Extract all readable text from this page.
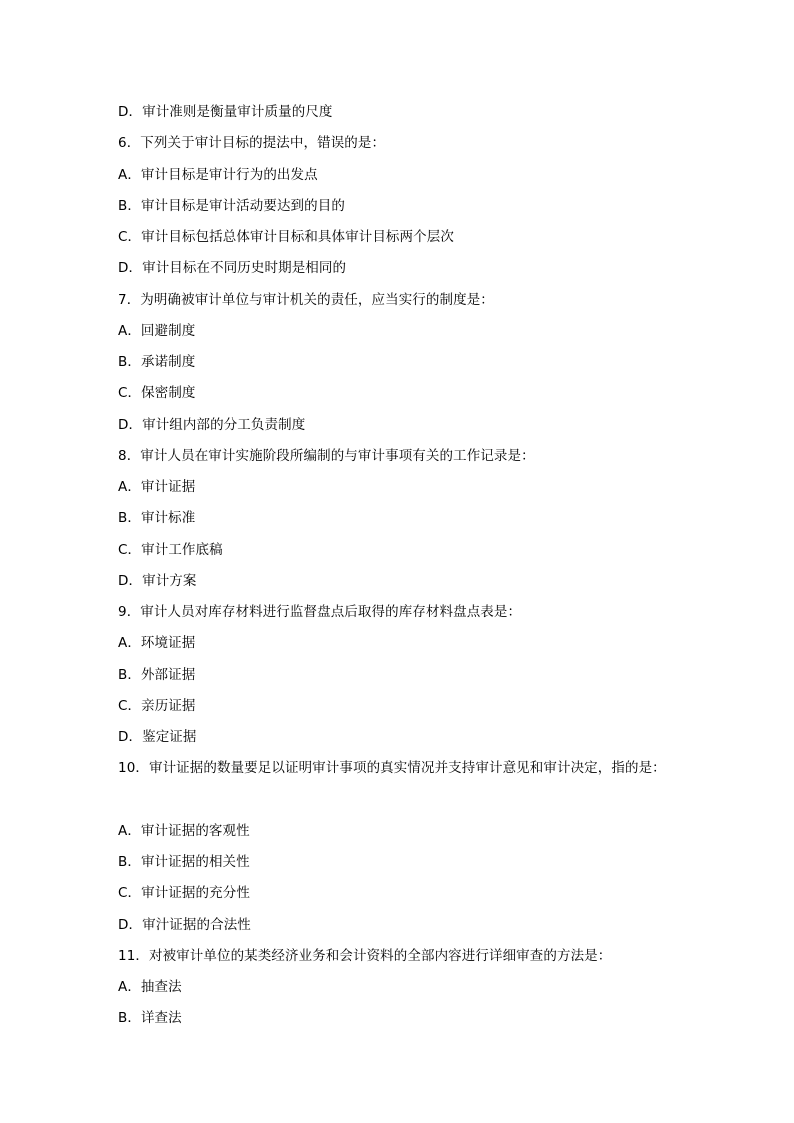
D．审计准则是衡量审计质量的尺度
6．下列关于审计目标的提法中，错误的是：
A．审计目标是审计行为的出发点
B．审计目标是审计活动要达到的目的
C．审计目标包括总体审计目标和具体审计目标两个层次
D．审计目标在不同历史时期是相同的
7．为明确被审计单位与审计机关的责任，应当实行的制度是：
A．回避制度
B．承诺制度
C．保密制度
D．审计组内部的分工负责制度
8．审计人员在审计实施阶段所编制的与审计事项有关的工作记录是：
A．审计证据
B．审计标准
C．审计工作底稿
D．审计方案
9．审计人员对库存材料进行监督盘点后取得的库存材料盘点表是：
A．环境证据
B．外部证据
C．亲历证据
D．鉴定证据
10．审计证据的数量要足以证明审计事项的真实情况并支持审计意见和审计决定，指的是：
A．审计证据的客观性
B．审计证据的相关性
C．审计证据的充分性
D．审汁证据的合法性
11．对被审计单位的某类经济业务和会计资料的全部内容进行详细审查的方法是：
A．抽查法
B．详查法
